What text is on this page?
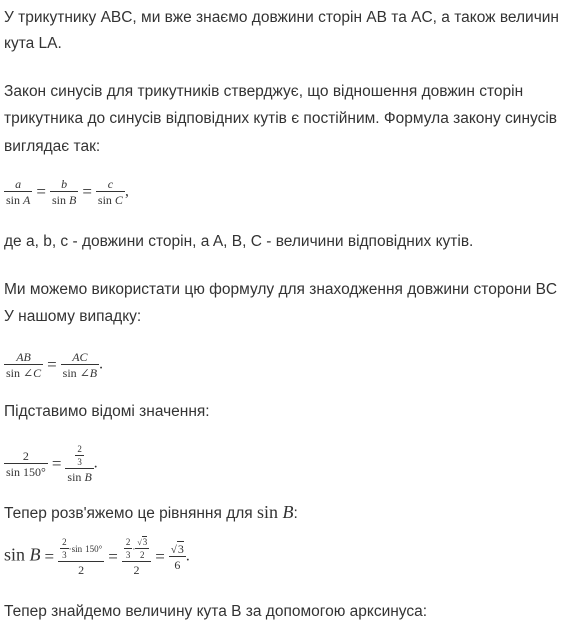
У трикутнику ABC, ми вже знаємо довжини сторін AB та AC, а також величин

кута LA.

Закон синусів для трикутників стверджує, що відношення довжин сторін

трикутника до синусів відповідних кутів є постійним. Формула закону синусів

виглядає так:

$\frac{a}{\text{sin A}} = \frac{b}{\text{sin B}} = \frac{c}{\text{sin C}}$ ,

де a, b, c - довжини сторін, a A, B, C - величини відповідних кутів.

Ми можемо використати цю формулу для знаходження довжини сторони BC

У нашому випадку:

$\frac{AB}{\sin \angle C} = \frac{AC}{\sin \angle B}$ .

Підставимо відомі значення:

$\frac{2}{\sin 150^\circ} = \frac{\frac{2}{3}}{\text{sin B}}$ .

Тепер розв'яжемо це рівняння для sin B:

$\sin B = \frac{\frac{2}{3} \cdot\sin 150^\circ}{2} = \frac{\frac{2}{3} \cdot \frac{√3}{2}}{2} = \frac{√3}{6}$ .

Тепер знайдемо величину кута B за допомогою арксинуса:
